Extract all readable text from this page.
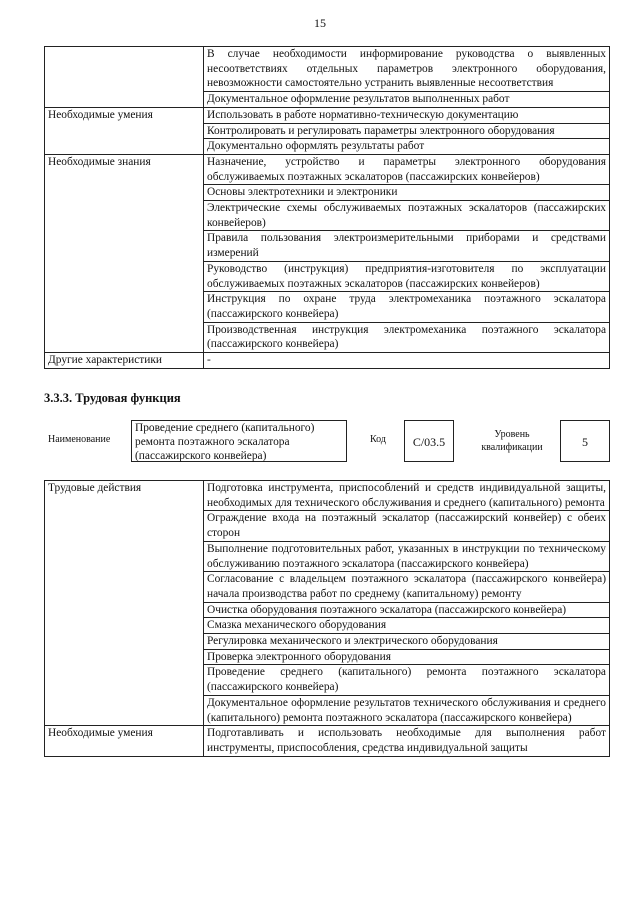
15
	В случае необходимости информирование руководства о выявленных несоответствиях отдельных параметров электронного оборудования, невозможности самостоятельно устранить выявленные несоответствия
	Документальное оформление результатов выполненных работ
Необходимые умения	Использовать в работе нормативно-техническую документацию
	Контролировать и регулировать параметры электронного оборудования
	Документально оформлять результаты работ
Необходимые знания	Назначение, устройство и параметры электронного оборудования обслуживаемых поэтажных эскалаторов (пассажирских конвейеров)
	Основы электротехники и электроники
	Электрические схемы обслуживаемых поэтажных эскалаторов (пассажирских конвейеров)
	Правила пользования электроизмерительными приборами и средствами измерений
	Руководство (инструкция) предприятия-изготовителя по эксплуатации обслуживаемых поэтажных эскалаторов (пассажирских конвейеров)
	Инструкция по охране труда электромеханика поэтажного эскалатора (пассажирского конвейера)
	Производственная инструкция электромеханика поэтажного эскалатора (пассажирского конвейера)
Другие характеристики	-
3.3.3. Трудовая функция
Наименование
Проведение среднего (капитального) ремонта поэтажного эскалатора (пассажирского конвейера)
Код	C/03.5
Уровень квалификации	5
Трудовые действия	Подготовка инструмента, приспособлений и средств индивидуальной защиты, необходимых для технического обслуживания и среднего (капитального) ремонта
	Ограждение входа на поэтажный эскалатор (пассажирский конвейер) с обеих сторон
	Выполнение подготовительных работ, указанных в инструкции по техническому обслуживанию поэтажного эскалатора (пассажирского конвейера)
	Согласование с владельцем поэтажного эскалатора (пассажирского конвейера) начала производства работ по среднему (капитальному) ремонту
	Очистка оборудования поэтажного эскалатора (пассажирского конвейера)
	Смазка механического оборудования
	Регулировка механического и электрического оборудования
	Проверка электронного оборудования
	Проведение среднего (капитального) ремонта поэтажного эскалатора (пассажирского конвейера)
	Документальное оформление результатов технического обслуживания и среднего (капитального) ремонта поэтажного эскалатора (пассажирского конвейера)
Необходимые умения	Подготавливать и использовать необходимые для выполнения работ инструменты, приспособления, средства индивидуальной защиты
